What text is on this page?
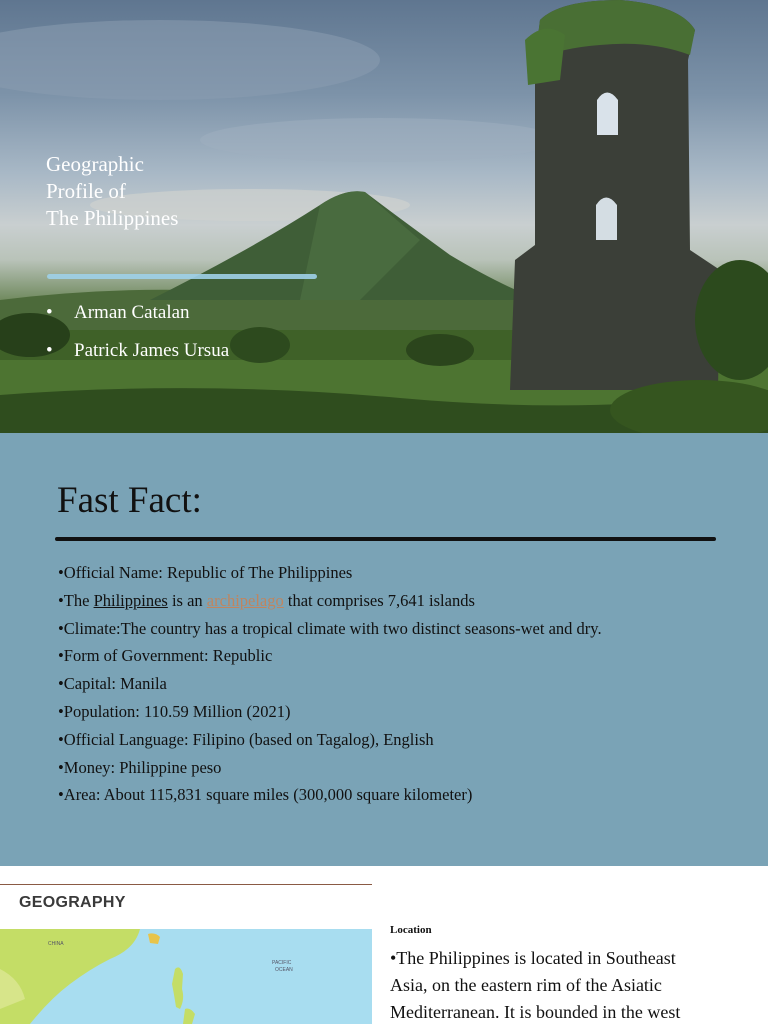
Geographic
Profile of
The Philippines
• Arman Catalan
• Patrick James Ursua
Fast Fact:
•Official Name: Republic of The Philippines
•The Philippines is an archipelago that comprises 7,641 islands
•Climate:The country has a tropical climate with two distinct seasons-wet and dry.
•Form of Government: Republic
•Capital: Manila
•Population: 110.59 Million (2021)
•Official Language: Filipino (based on Tagalog), English
•Money: Philippine peso
•Area: About 115,831 square miles (300,000 square kilometer)
GEOGRAPHY
CHINA
PACIFIC
OCEAN
Location
•The Philippines is located in Southeast
Asia, on the eastern rim of the Asiatic
Mediterranean. It is bounded in the west
